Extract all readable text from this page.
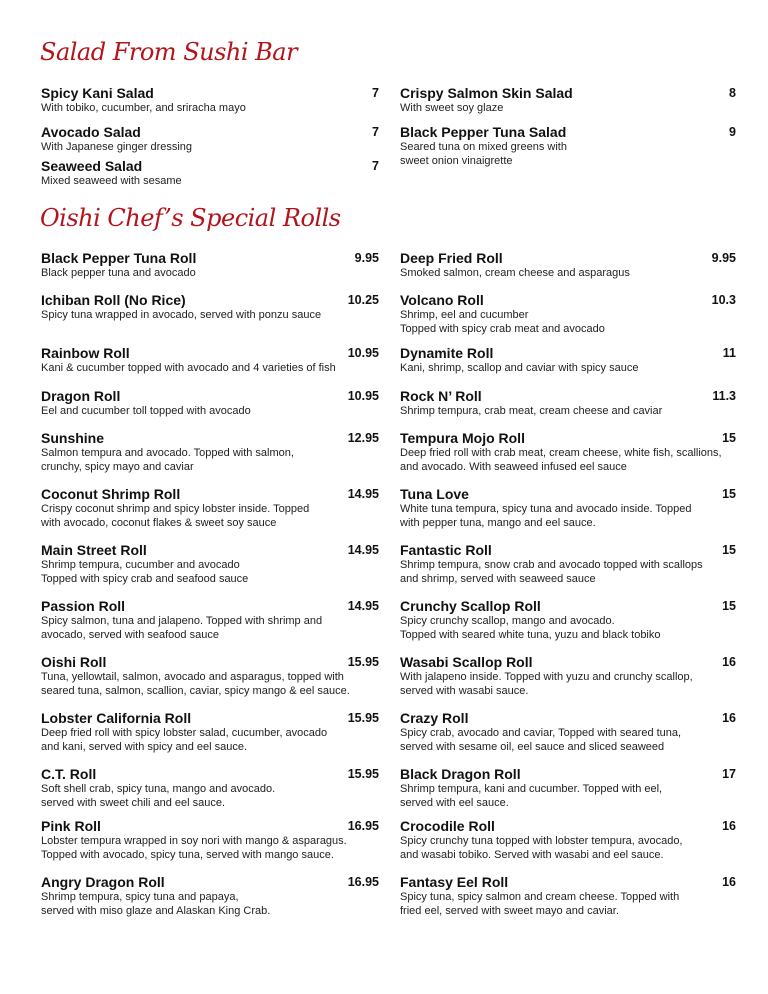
Salad From Sushi Bar
Oishi Chef’s Special Rolls
Spicy Kani Salad	7
With tobiko, cucumber, and sriracha mayo
Avocado Salad	7
With Japanese ginger dressing
Seaweed Salad	7
Mixed seaweed with sesame
Crispy Salmon Skin Salad	8
With sweet soy glaze
Black Pepper Tuna Salad	9
Seared tuna on mixed greens with
sweet onion vinaigrette
Black Pepper Tuna Roll	9.95
Black pepper tuna and avocado
Ichiban Roll (No Rice)	10.25
Spicy tuna wrapped in avocado, served with ponzu sauce
Rainbow Roll	10.95
Kani & cucumber topped with avocado and 4 varieties of fish
Dragon Roll	10.95
Eel and cucumber toll topped with avocado
Sunshine	12.95
Salmon tempura and avocado. Topped with salmon,
crunchy, spicy mayo and caviar
Coconut Shrimp Roll	14.95
Crispy coconut shrimp and spicy lobster inside. Topped
with avocado, coconut flakes & sweet soy sauce
Main Street Roll	14.95
Shrimp tempura, cucumber and avocado
Topped with spicy crab and seafood sauce
Passion Roll	14.95
Spicy salmon, tuna and jalapeno. Topped with shrimp and
avocado, served with seafood sauce
Oishi Roll	15.95
Tuna, yellowtail, salmon, avocado and asparagus, topped with
seared tuna, salmon, scallion, caviar, spicy mango & eel sauce.
Lobster California Roll	15.95
Deep fried roll with spicy lobster salad, cucumber, avocado
and kani, served with spicy and eel sauce.
C.T. Roll	15.95
Soft shell crab, spicy tuna, mango and avocado.
served with sweet chili and eel sauce.
Pink Roll	16.95
Lobster tempura wrapped in soy nori with mango & asparagus.
Topped with avocado, spicy tuna, served with mango sauce.
Angry Dragon Roll	16.95
Shrimp tempura, spicy tuna and papaya,
served with miso glaze and Alaskan King Crab.
Deep Fried Roll	9.95
Smoked salmon, cream cheese and asparagus
Volcano Roll	10.3
Shrimp, eel and cucumber
Topped with spicy crab meat and avocado
Dynamite Roll	11
Kani, shrimp, scallop and caviar with spicy sauce
Rock N’ Roll	11.3
Shrimp tempura, crab meat, cream cheese and caviar
Tempura Mojo Roll	15
Deep fried roll with crab meat, cream cheese, white fish, scallions,
and avocado. With seaweed infused eel sauce
Tuna Love	15
White tuna tempura, spicy tuna and avocado inside. Topped
with pepper tuna, mango and eel sauce.
Fantastic Roll	15
Shrimp tempura, snow crab and avocado topped with scallops
and shrimp, served with seaweed sauce
Crunchy Scallop Roll	15
Spicy crunchy scallop, mango and avocado.
Topped with seared white tuna, yuzu and black tobiko
Wasabi Scallop Roll	16
With jalapeno inside. Topped with yuzu and crunchy scallop,
served with wasabi sauce.
Crazy Roll	16
Spicy crab, avocado and caviar, Topped with seared tuna,
served with sesame oil, eel sauce and sliced seaweed
Black Dragon Roll	17
Shrimp tempura, kani and cucumber. Topped with eel,
served with eel sauce.
Crocodile Roll	16
Spicy crunchy tuna topped with lobster tempura, avocado,
and wasabi tobiko. Served with wasabi and eel sauce.
Fantasy Eel Roll	16
Spicy tuna, spicy salmon and cream cheese. Topped with
fried eel, served with sweet mayo and caviar.
